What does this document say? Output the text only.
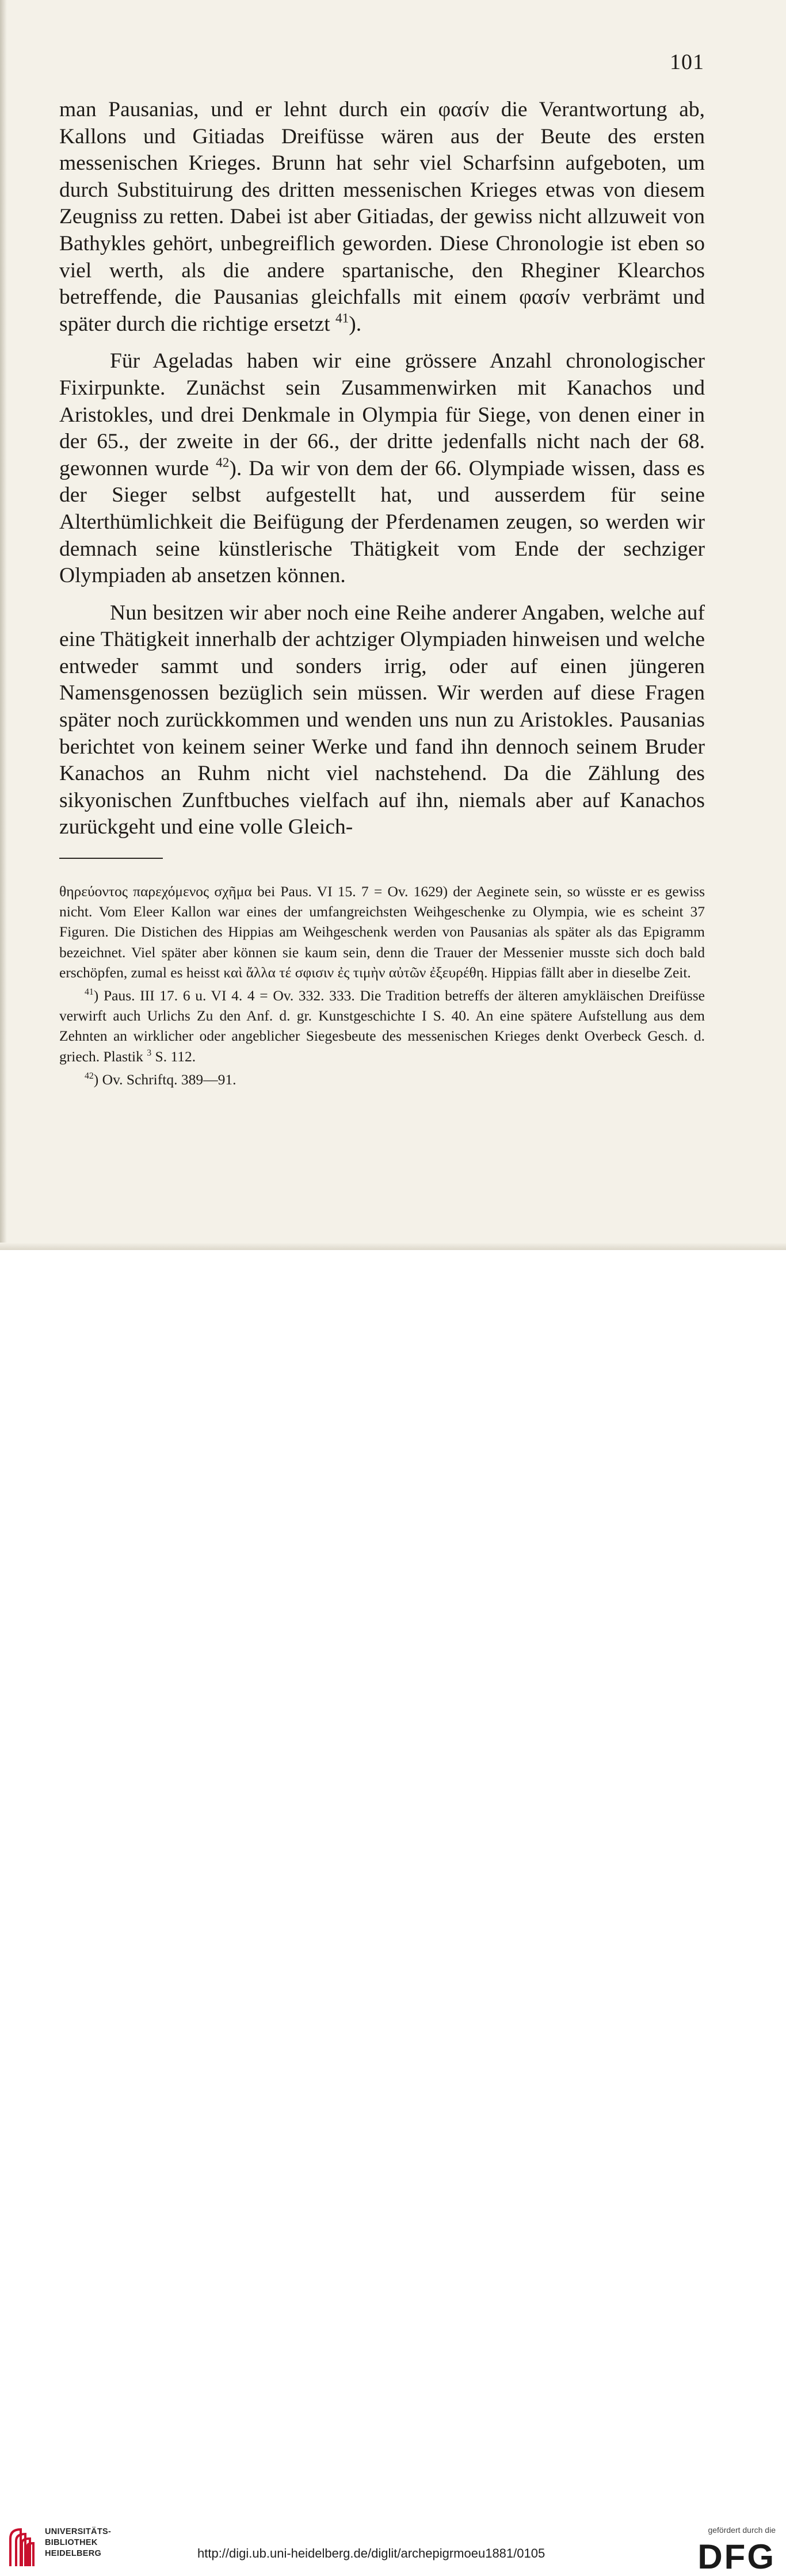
101

man Pausanias, und er lehnt durch ein φασίν die Verantwortung ab, Kallons und Gitiadas Dreifüsse wären aus der Beute des ersten messenischen Krieges. Brunn hat sehr viel Scharfsinn aufgeboten, um durch Substituirung des dritten messenischen Krieges etwas von diesem Zeugniss zu retten. Dabei ist aber Gitiadas, der gewiss nicht allzuweit von Bathykles gehört, unbegreiflich geworden. Diese Chronologie ist eben so viel werth, als die andere spartanische, den Rheginer Klearchos betreffende, die Pausanias gleichfalls mit einem φασίν verbrämt und später durch die richtige ersetzt $^{41}$).

Für Ageladas haben wir eine grössere Anzahl chronologischer Fixirpunkte. Zunächst sein Zusammenwirken mit Kanachos und Aristokles, und drei Denkmale in Olympia für Siege, von denen einer in der 65., der zweite in der 66., der dritte jedenfalls nicht nach der 68. gewonnen wurde $^{42}$). Da wir von dem der 66. Olympiade wissen, dass es der Sieger selbst aufgestellt hat, und ausserdem für seine Alterthümlichkeit die Beifügung der Pferdenamen zeugen, so werden wir demnach seine künstlerische Thätigkeit vom Ende der sechziger Olympiaden ab ansetzen können.

Nun besitzen wir aber noch eine Reihe anderer Angaben, welche auf eine Thätigkeit innerhalb der achtziger Olympiaden hinweisen und welche entweder sammt und sonders irrig, oder auf einen jüngeren Namensgenossen bezüglich sein müssen. Wir werden auf diese Fragen später noch zurückkommen und wenden uns nun zu Aristokles. Pausanias berichtet von keinem seiner Werke und fand ihn dennoch seinem Bruder Kanachos an Ruhm nicht viel nachstehend. Da die Zählung des sikyonischen Zunftbuches vielfach auf ihn, niemals aber auf Kanachos zurückgeht und eine volle Gleich-

θηρεύοντος παρεχόμενος σχῆμα bei Paus. VI 15. 7 = Ov. 1629) der Aeginete sein, so wüsste er es gewiss nicht. Vom Eleer Kallon war eines der umfangreichsten Weihgeschenke zu Olympia, wie es scheint 37 Figuren. Die Distichen des Hippias am Weihgeschenk werden von Pausanias als später als das Epigramm bezeichnet. Viel später aber können sie kaum sein, denn die Trauer der Messenier musste sich doch bald erschöpfen, zumal es heisst καὶ ἄλλα τέ σφισιν ἐς τιμὴν αὐτῶν ἐξευρέθη. Hippias fällt aber in dieselbe Zeit.

$^{41}$) Paus. III 17. 6 u. VI 4. 4 = Ov. 332. 333. Die Tradition betreffs der älteren amykläischen Dreifüsse verwirft auch Urlichs Zu den Anf. d. gr. Kunstgeschichte I S. 40. An eine spätere Aufstellung aus dem Zehnten an wirklicher oder angeblicher Siegesbeute des messenischen Krieges denkt Overbeck Gesch. d. griech. Plastik $^3$ S. 112.

$^{42}$) Ov. Schriftq. 389—91.

UNIVERSITÄTS-
BIBLIOTHEK
HEIDELBERG	http://digi.ub.uni-heidelberg.de/diglit/archepigrmoeu1881/0105
gefördert durch die
DFG
